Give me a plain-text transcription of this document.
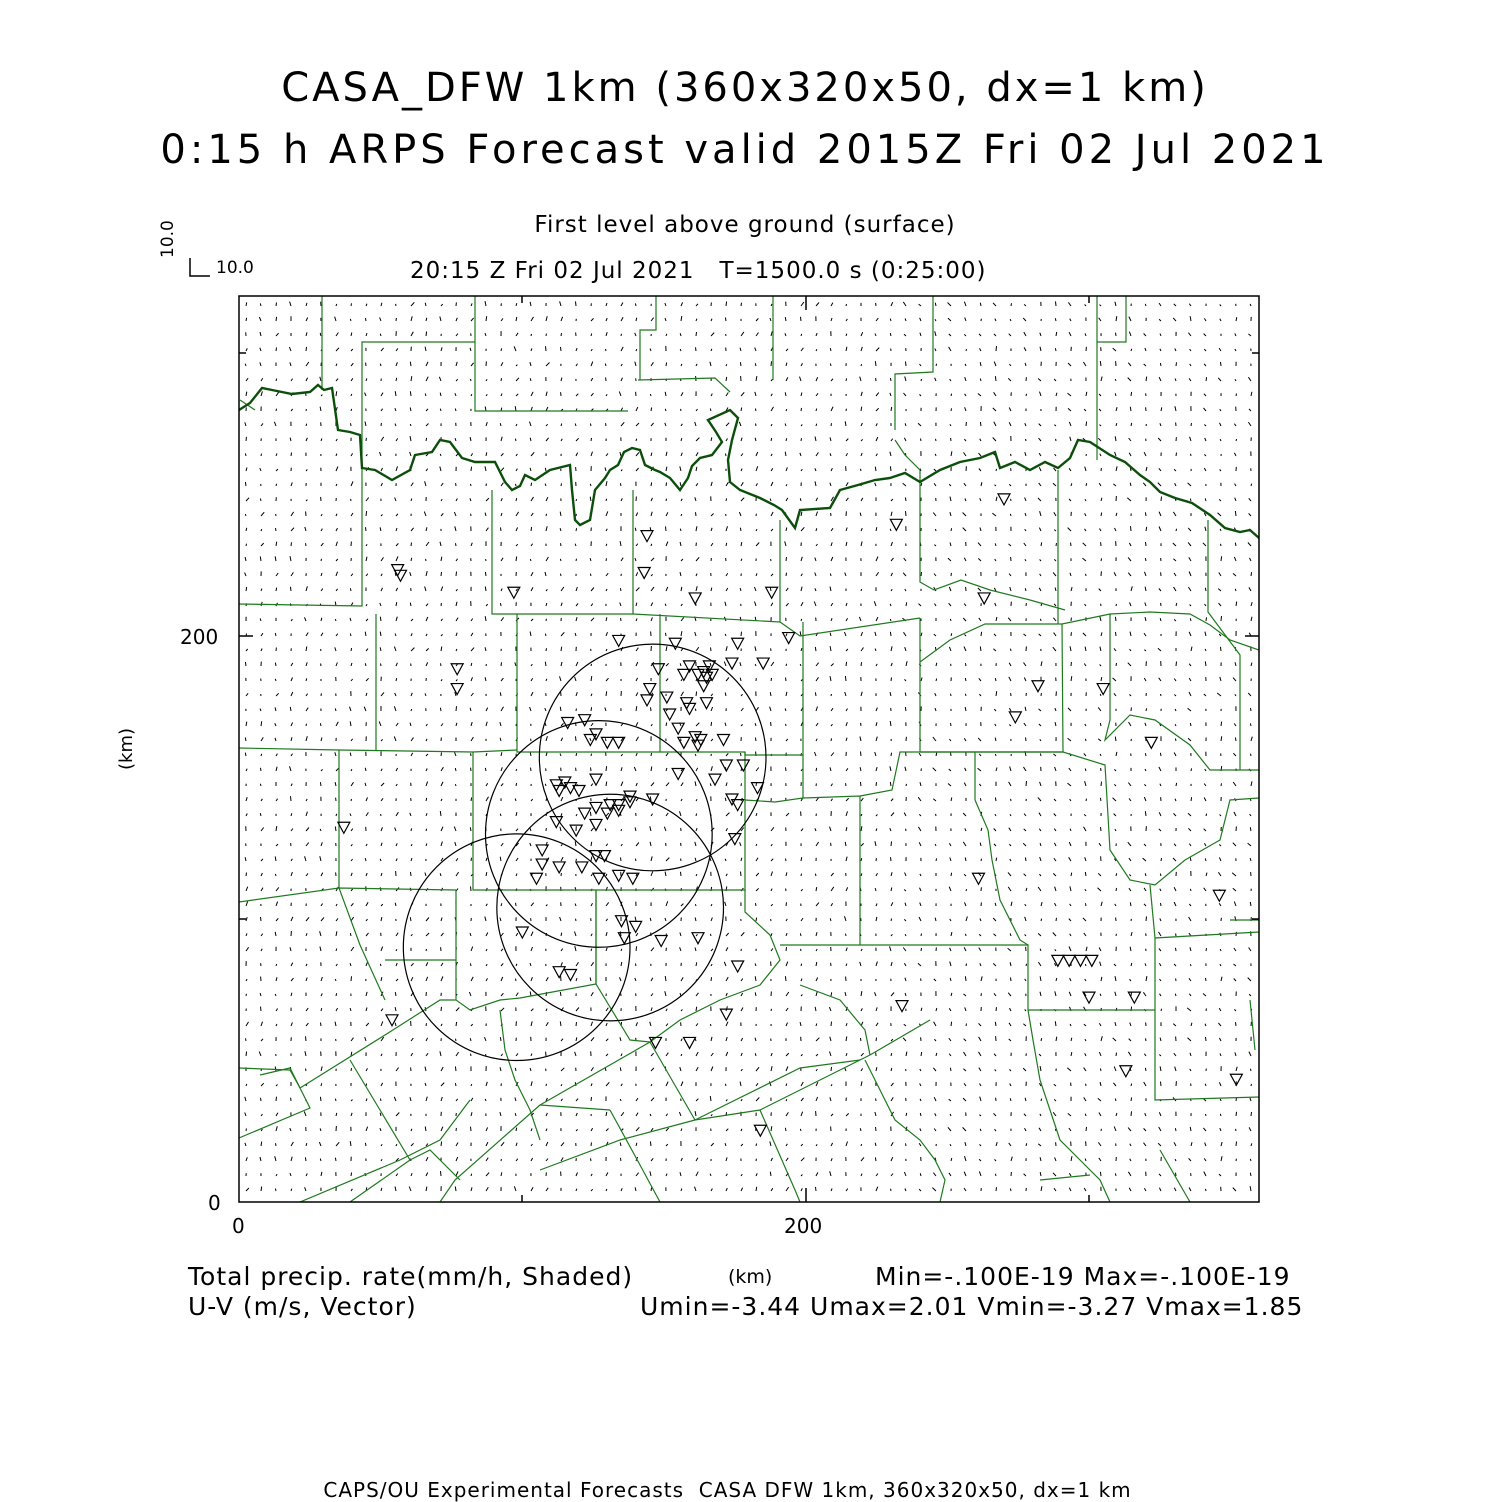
CASA_DFW 1km (360x320x50, dx=1 km)
0:15 h ARPS Forecast valid 2015Z Fri 02 Jul 2021
First level above ground (surface)
20:15 Z Fri 02 Jul 2021   T=1500.0 s (0:25:00)
10.0
10.0
(km)
200
0
0	200
(km)
Total precip. rate(mm/h, Shaded)
U-V (m/s, Vector)
Min=-.100E-19 Max=-.100E-19
Umin=-3.44 Umax=2.01 Vmin=-3.27 Vmax=1.85
CAPS/OU Experimental Forecasts  CASA DFW 1km, 360x320x50, dx=1 km
